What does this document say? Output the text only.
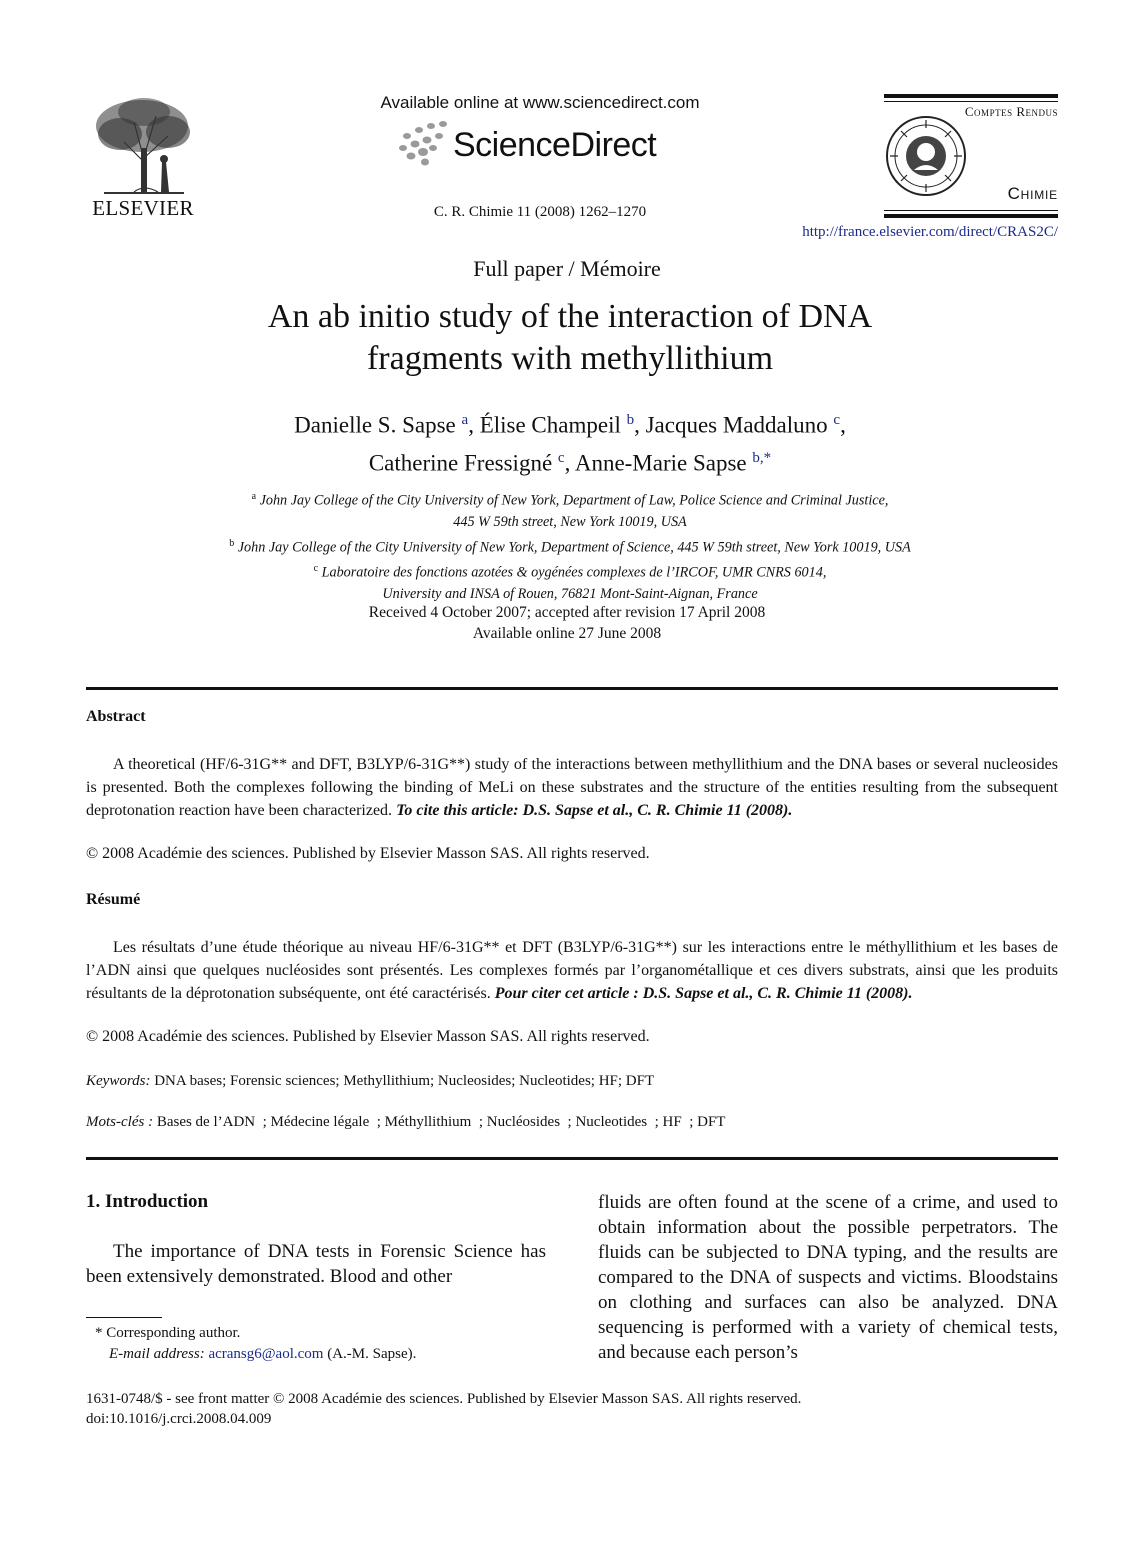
ELSEVIER
Available online at www.sciencedirect.com
ScienceDirect
C. R. Chimie 11 (2008) 1262–1270
Comptes Rendus
Chimie
http://france.elsevier.com/direct/CRAS2C/
Full paper / Mémoire
An ab initio study of the interaction of DNA
fragments with methyllithium
Danielle S. Sapse $^a$, Élise Champeil $^b$, Jacques Maddaluno $^c$,
Catherine Fressigné $^c$, Anne-Marie Sapse $^{b,*}$
$^a$ John Jay College of the City University of New York, Department of Law, Police Science and Criminal Justice,
445 W 59th street, New York 10019, USA
$^b$ John Jay College of the City University of New York, Department of Science, 445 W 59th street, New York 10019, USA
$^c$ Laboratoire des fonctions azotées & oygénées complexes de l’IRCOF, UMR CNRS 6014,
University and INSA of Rouen, 76821 Mont-Saint-Aignan, France
Received 4 October 2007; accepted after revision 17 April 2008
Available online 27 June 2008
Abstract
A theoretical (HF/6-31G** and DFT, B3LYP/6-31G**) study of the interactions between methyllithium and the DNA bases or several nucleosides is presented. Both the complexes following the binding of MeLi on these substrates and the structure of the entities resulting from the subsequent deprotonation reaction have been characterized. To cite this article: D.S. Sapse et al., C. R. Chimie 11 (2008).
© 2008 Académie des sciences. Published by Elsevier Masson SAS. All rights reserved.
Résumé
Les résultats d’une étude théorique au niveau HF/6-31G** et DFT (B3LYP/6-31G**) sur les interactions entre le méthyllithium et les bases de l’ADN ainsi que quelques nucléosides sont présentés. Les complexes formés par l’organométallique et ces divers substrats, ainsi que les produits résultants de la déprotonation subséquente, ont été caractérisés. Pour citer cet article : D.S. Sapse et al., C. R. Chimie 11 (2008).
© 2008 Académie des sciences. Published by Elsevier Masson SAS. All rights reserved.
Keywords: DNA bases; Forensic sciences; Methyllithium; Nucleosides; Nucleotides; HF; DFT
Mots-clés : Bases de l’ADN  ; Médecine légale  ; Méthyllithium  ; Nucléosides  ; Nucleotides  ; HF  ; DFT
1. Introduction
The importance of DNA tests in Forensic Science has been extensively demonstrated. Blood and other
fluids are often found at the scene of a crime, and used to obtain information about the possible perpetrators. The fluids can be subjected to DNA typing, and the results are compared to the DNA of suspects and victims. Bloodstains on clothing and surfaces can also be analyzed. DNA sequencing is performed with a variety of chemical tests, and because each person’s
* Corresponding author.
E-mail address: acransg6@aol.com (A.-M. Sapse).
1631-0748/$ - see front matter © 2008 Académie des sciences. Published by Elsevier Masson SAS. All rights reserved.
doi:10.1016/j.crci.2008.04.009
